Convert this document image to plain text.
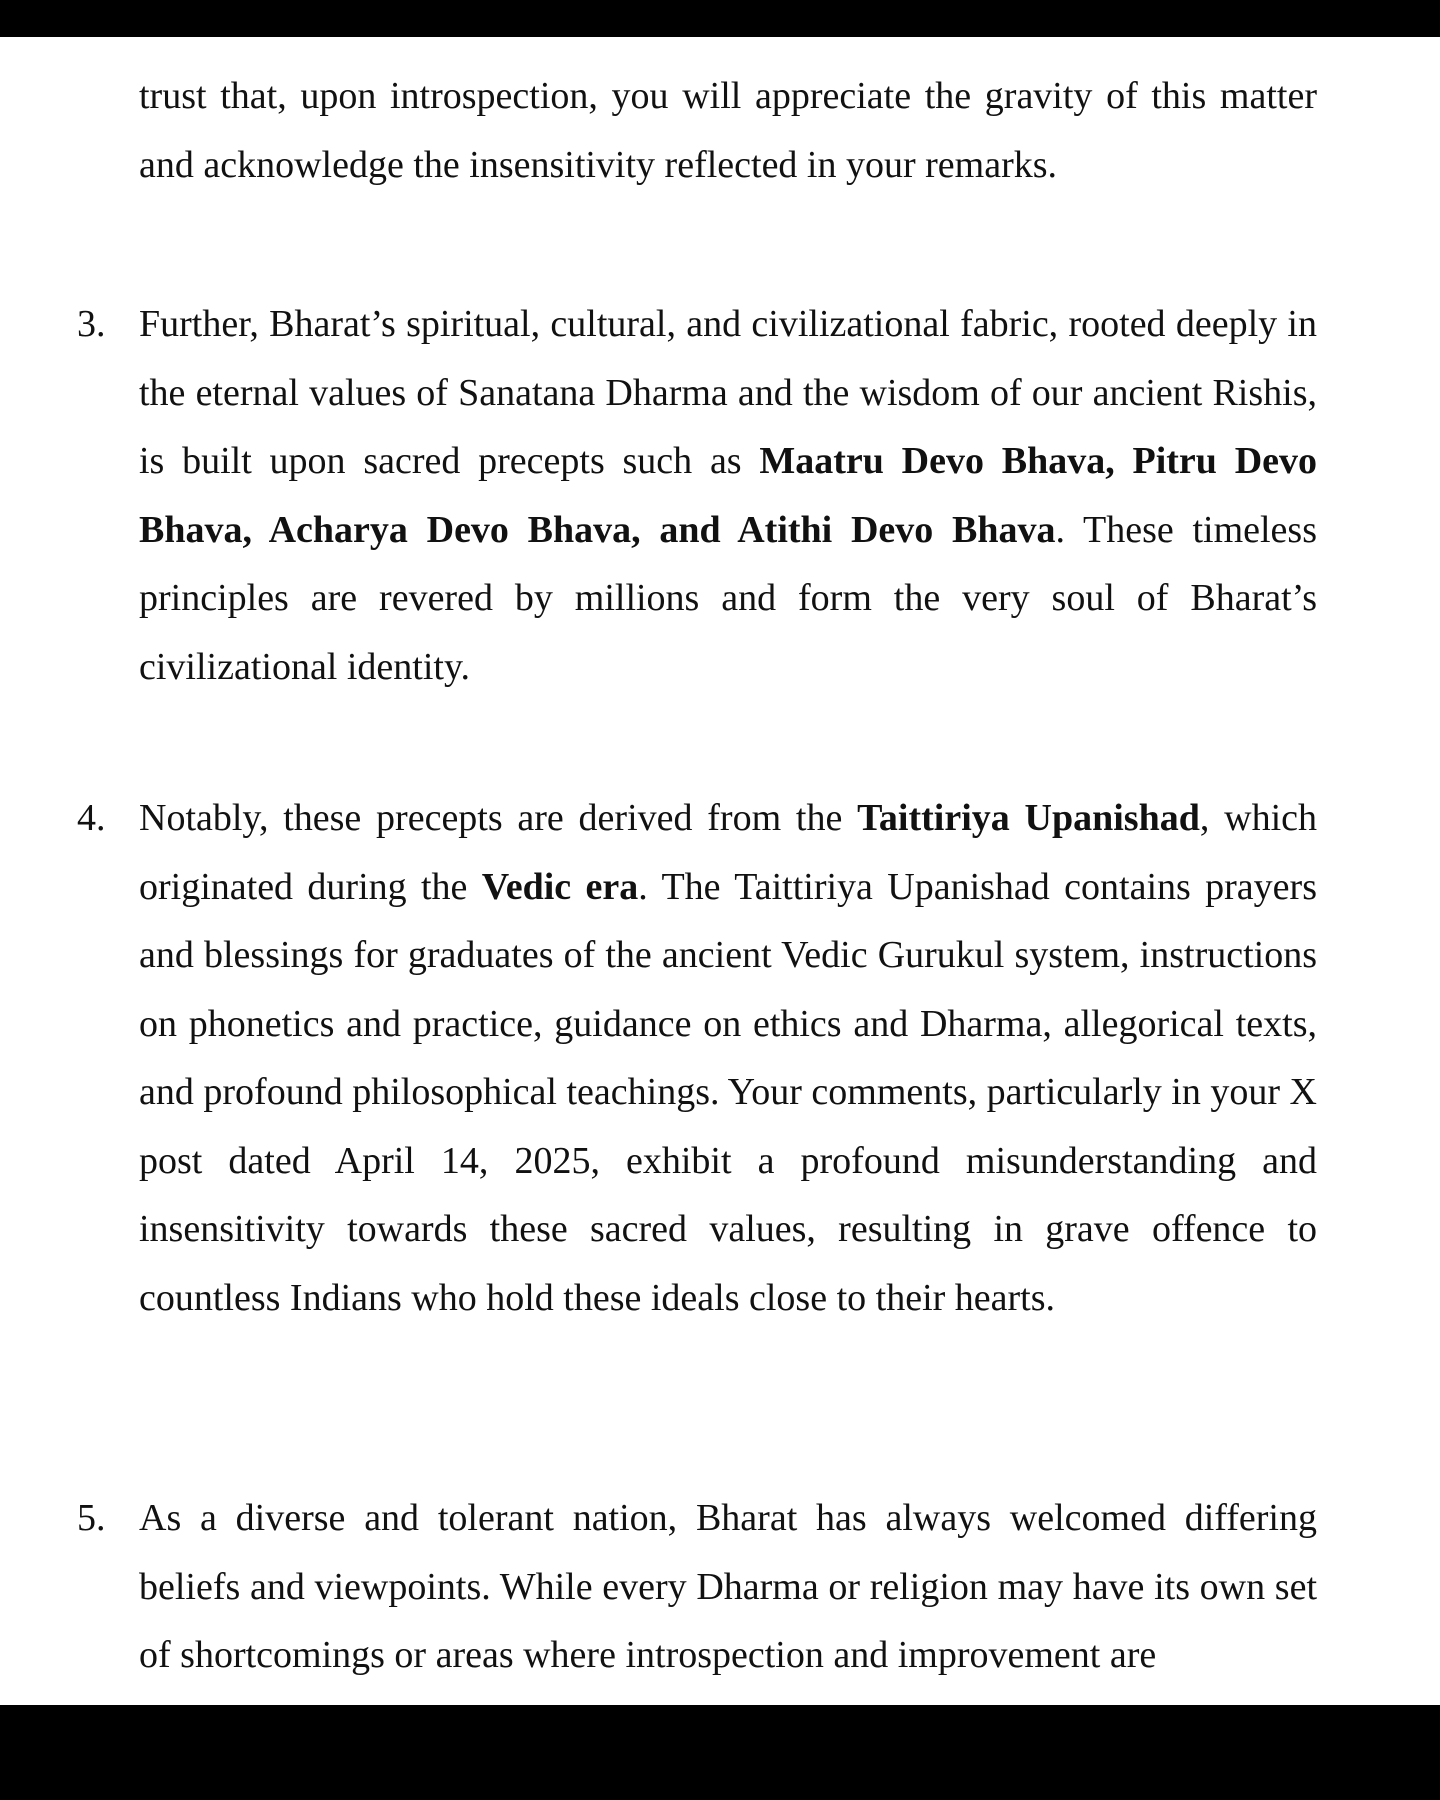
trust that, upon introspection, you will appreciate the gravity of this matter and acknowledge the insensitivity reflected in your remarks.
3. Further, Bharat’s spiritual, cultural, and civilizational fabric, rooted deeply in the eternal values of Sanatana Dharma and the wisdom of our ancient Rishis, is built upon sacred precepts such as Maatru Devo Bhava, Pitru Devo Bhava, Acharya Devo Bhava, and Atithi Devo Bhava. These timeless principles are revered by millions and form the very soul of Bharat’s civilizational identity.
4. Notably, these precepts are derived from the Taittiriya Upanishad, which originated during the Vedic era. The Taittiriya Upanishad contains prayers and blessings for graduates of the ancient Vedic Gurukul system, instructions on phonetics and practice, guidance on ethics and Dharma, allegorical texts, and profound philosophical teachings. Your comments, particularly in your X post dated April 14, 2025, exhibit a profound misunderstanding and insensitivity towards these sacred values, resulting in grave offence to countless Indians who hold these ideals close to their hearts.
5. As a diverse and tolerant nation, Bharat has always welcomed differing beliefs and viewpoints. While every Dharma or religion may have its own set of shortcomings or areas where introspection and improvement are
